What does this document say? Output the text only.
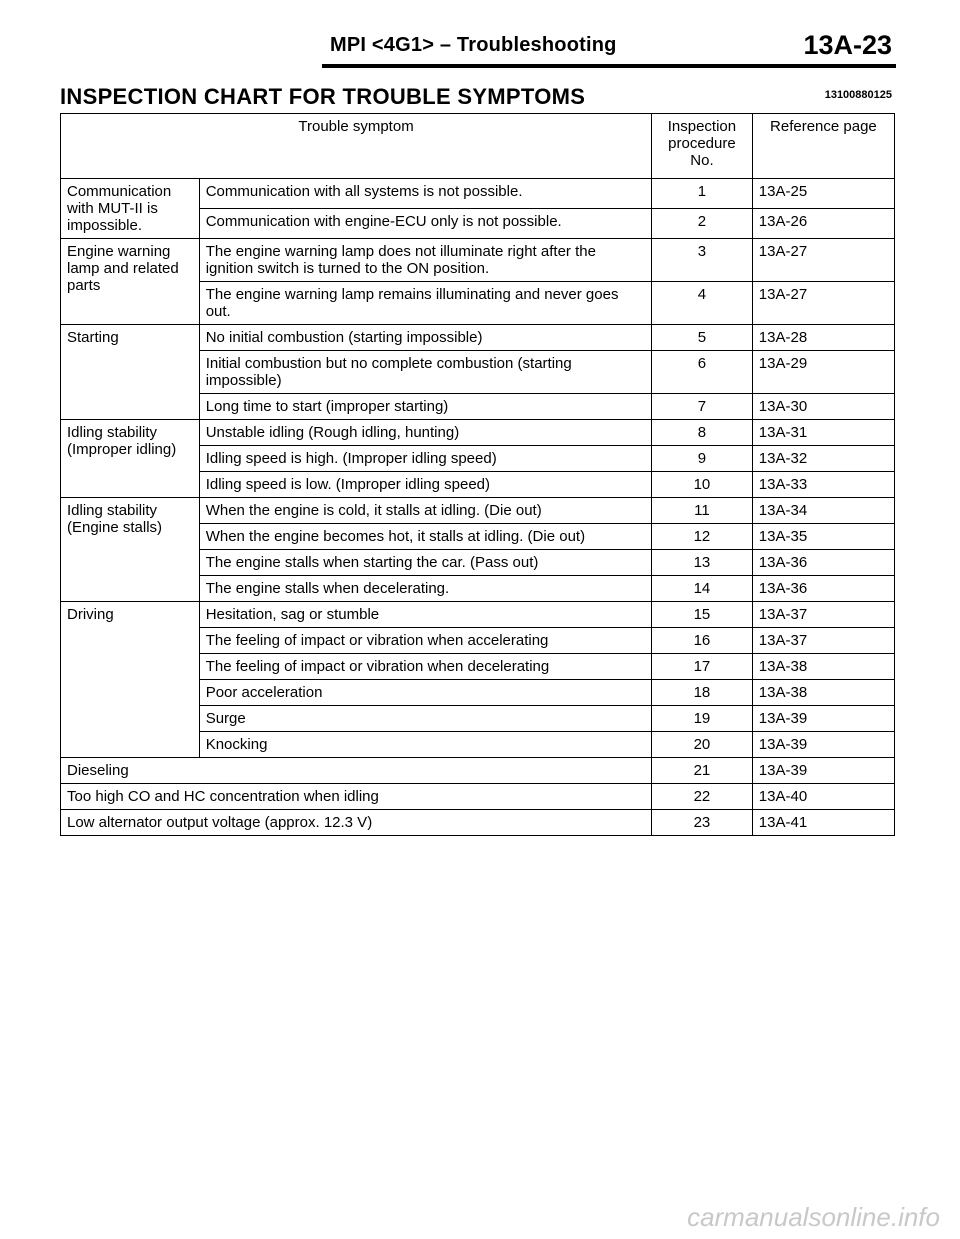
MPI <4G1> – Troubleshooting	13A-23
INSPECTION CHART FOR TROUBLE SYMPTOMS	13100880125
Trouble symptom		Inspection procedure No.	Reference page
Communication with MUT-II is impossible.	Communication with all systems is not possible.	1	13A-25
	Communication with engine-ECU only is not possible.	2	13A-26
Engine warning lamp and related parts	The engine warning lamp does not illuminate right after the ignition switch is turned to the ON position.	3	13A-27
	The engine warning lamp remains illuminating and never goes out.	4	13A-27
Starting	No initial combustion (starting impossible)	5	13A-28
	Initial combustion but no complete combustion (starting impossible)	6	13A-29
	Long time to start (improper starting)	7	13A-30
Idling stability (Improper idling)	Unstable idling (Rough idling, hunting)	8	13A-31
	Idling speed is high. (Improper idling speed)	9	13A-32
	Idling speed is low. (Improper idling speed)	10	13A-33
Idling stability (Engine stalls)	When the engine is cold, it stalls at idling. (Die out)	11	13A-34
	When the engine becomes hot, it stalls at idling. (Die out)	12	13A-35
	The engine stalls when starting the car. (Pass out)	13	13A-36
	The engine stalls when decelerating.	14	13A-36
Driving	Hesitation, sag or stumble	15	13A-37
	The feeling of impact or vibration when accelerating	16	13A-37
	The feeling of impact or vibration when decelerating	17	13A-38
	Poor acceleration	18	13A-38
	Surge	19	13A-39
	Knocking	20	13A-39
Dieseling		21	13A-39
Too high CO and HC concentration when idling		22	13A-40
Low alternator output voltage (approx. 12.3 V)		23	13A-41
carmanualsonline.info
